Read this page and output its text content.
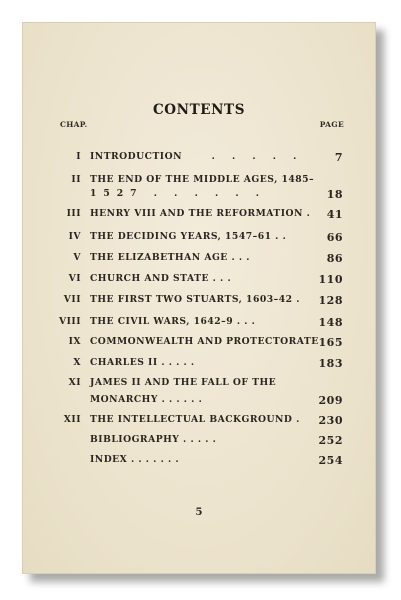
CONTENTS
CHAP.	PAGE
I INTRODUCTION	. . . . .	7
II THE END OF THE MIDDLE AGES, 1485–
1527 . . . . . .	18
III HENRY VIII AND THE REFORMATION . 41
IV THE DECIDING YEARS, 1547–61 . .	66
V THE ELIZABETHAN AGE . . .	86
VI CHURCH AND STATE . . .	110
VII THE FIRST TWO STUARTS, 1603–42 . 128
VIII THE CIVIL WARS, 1642–9 . . .	148
IX COMMONWEALTH AND PROTECTORATE 165
X CHARLES II . . . . .	183
XI JAMES II AND THE FALL OF THE
MONARCHY . . . . . .	209
XII THE INTELLECTUAL BACKGROUND . 230
BIBLIOGRAPHY . . . . .	252
INDEX . . . . . . .	254
5
